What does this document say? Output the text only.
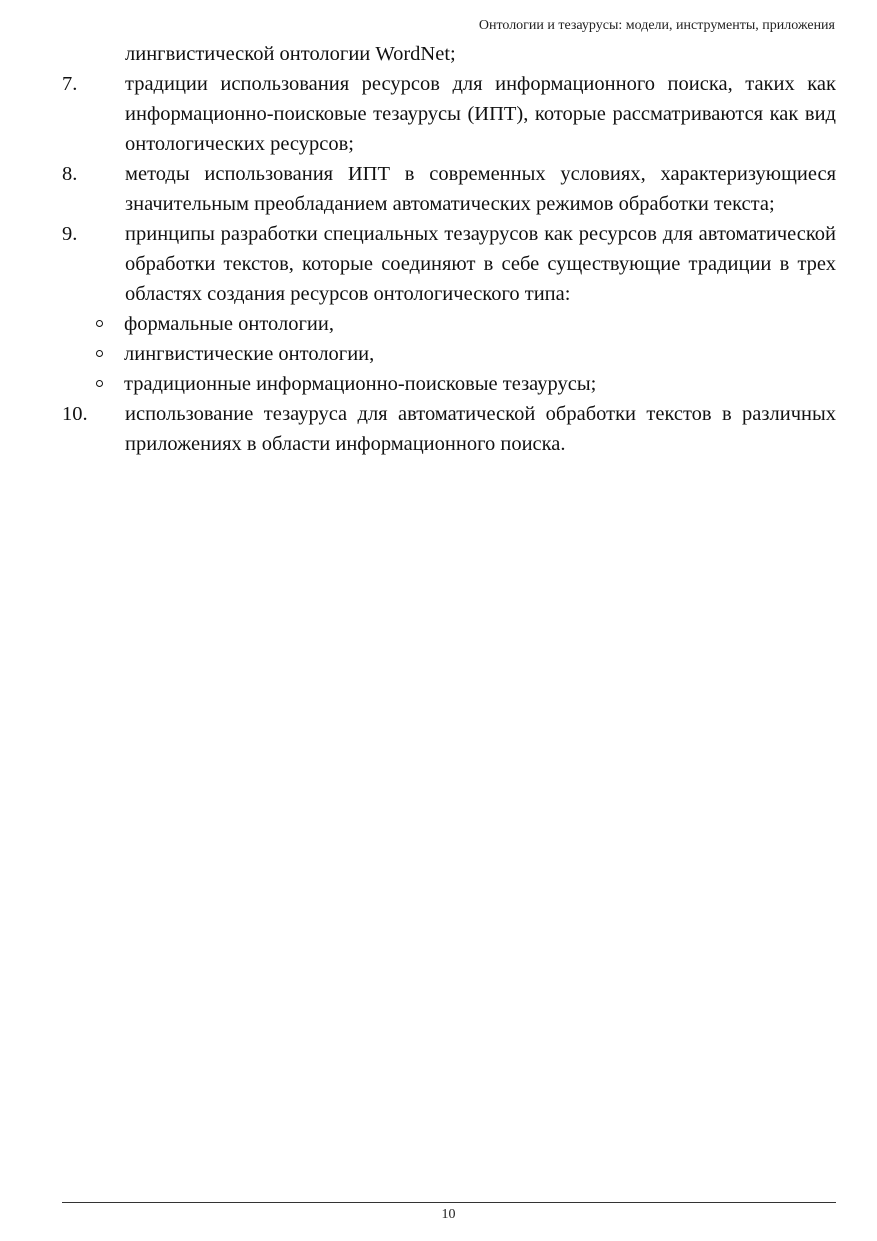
Онтологии и тезаурусы: модели, инструменты, приложения
лингвистической онтологии WordNet;
7.	традиции использования ресурсов для информационного поиска, таких как информационно-поисковые тезаурусы (ИПТ), которые рассматриваются как вид онтологических ресурсов;
8.	методы использования ИПТ в современных условиях, характеризующиеся значительным преобладанием автоматических режимов обработки текста;
9.	принципы разработки специальных тезаурусов как ресурсов для автоматической обработки текстов, которые соединяют в себе существующие традиции в трех областях создания ресурсов онтологического типа:
формальные онтологии,
лингвистические онтологии,
традиционные информационно-поисковые тезаурусы;
10.	использование тезауруса для автоматической обработки текстов в различных приложениях в области информационного поиска.
10
